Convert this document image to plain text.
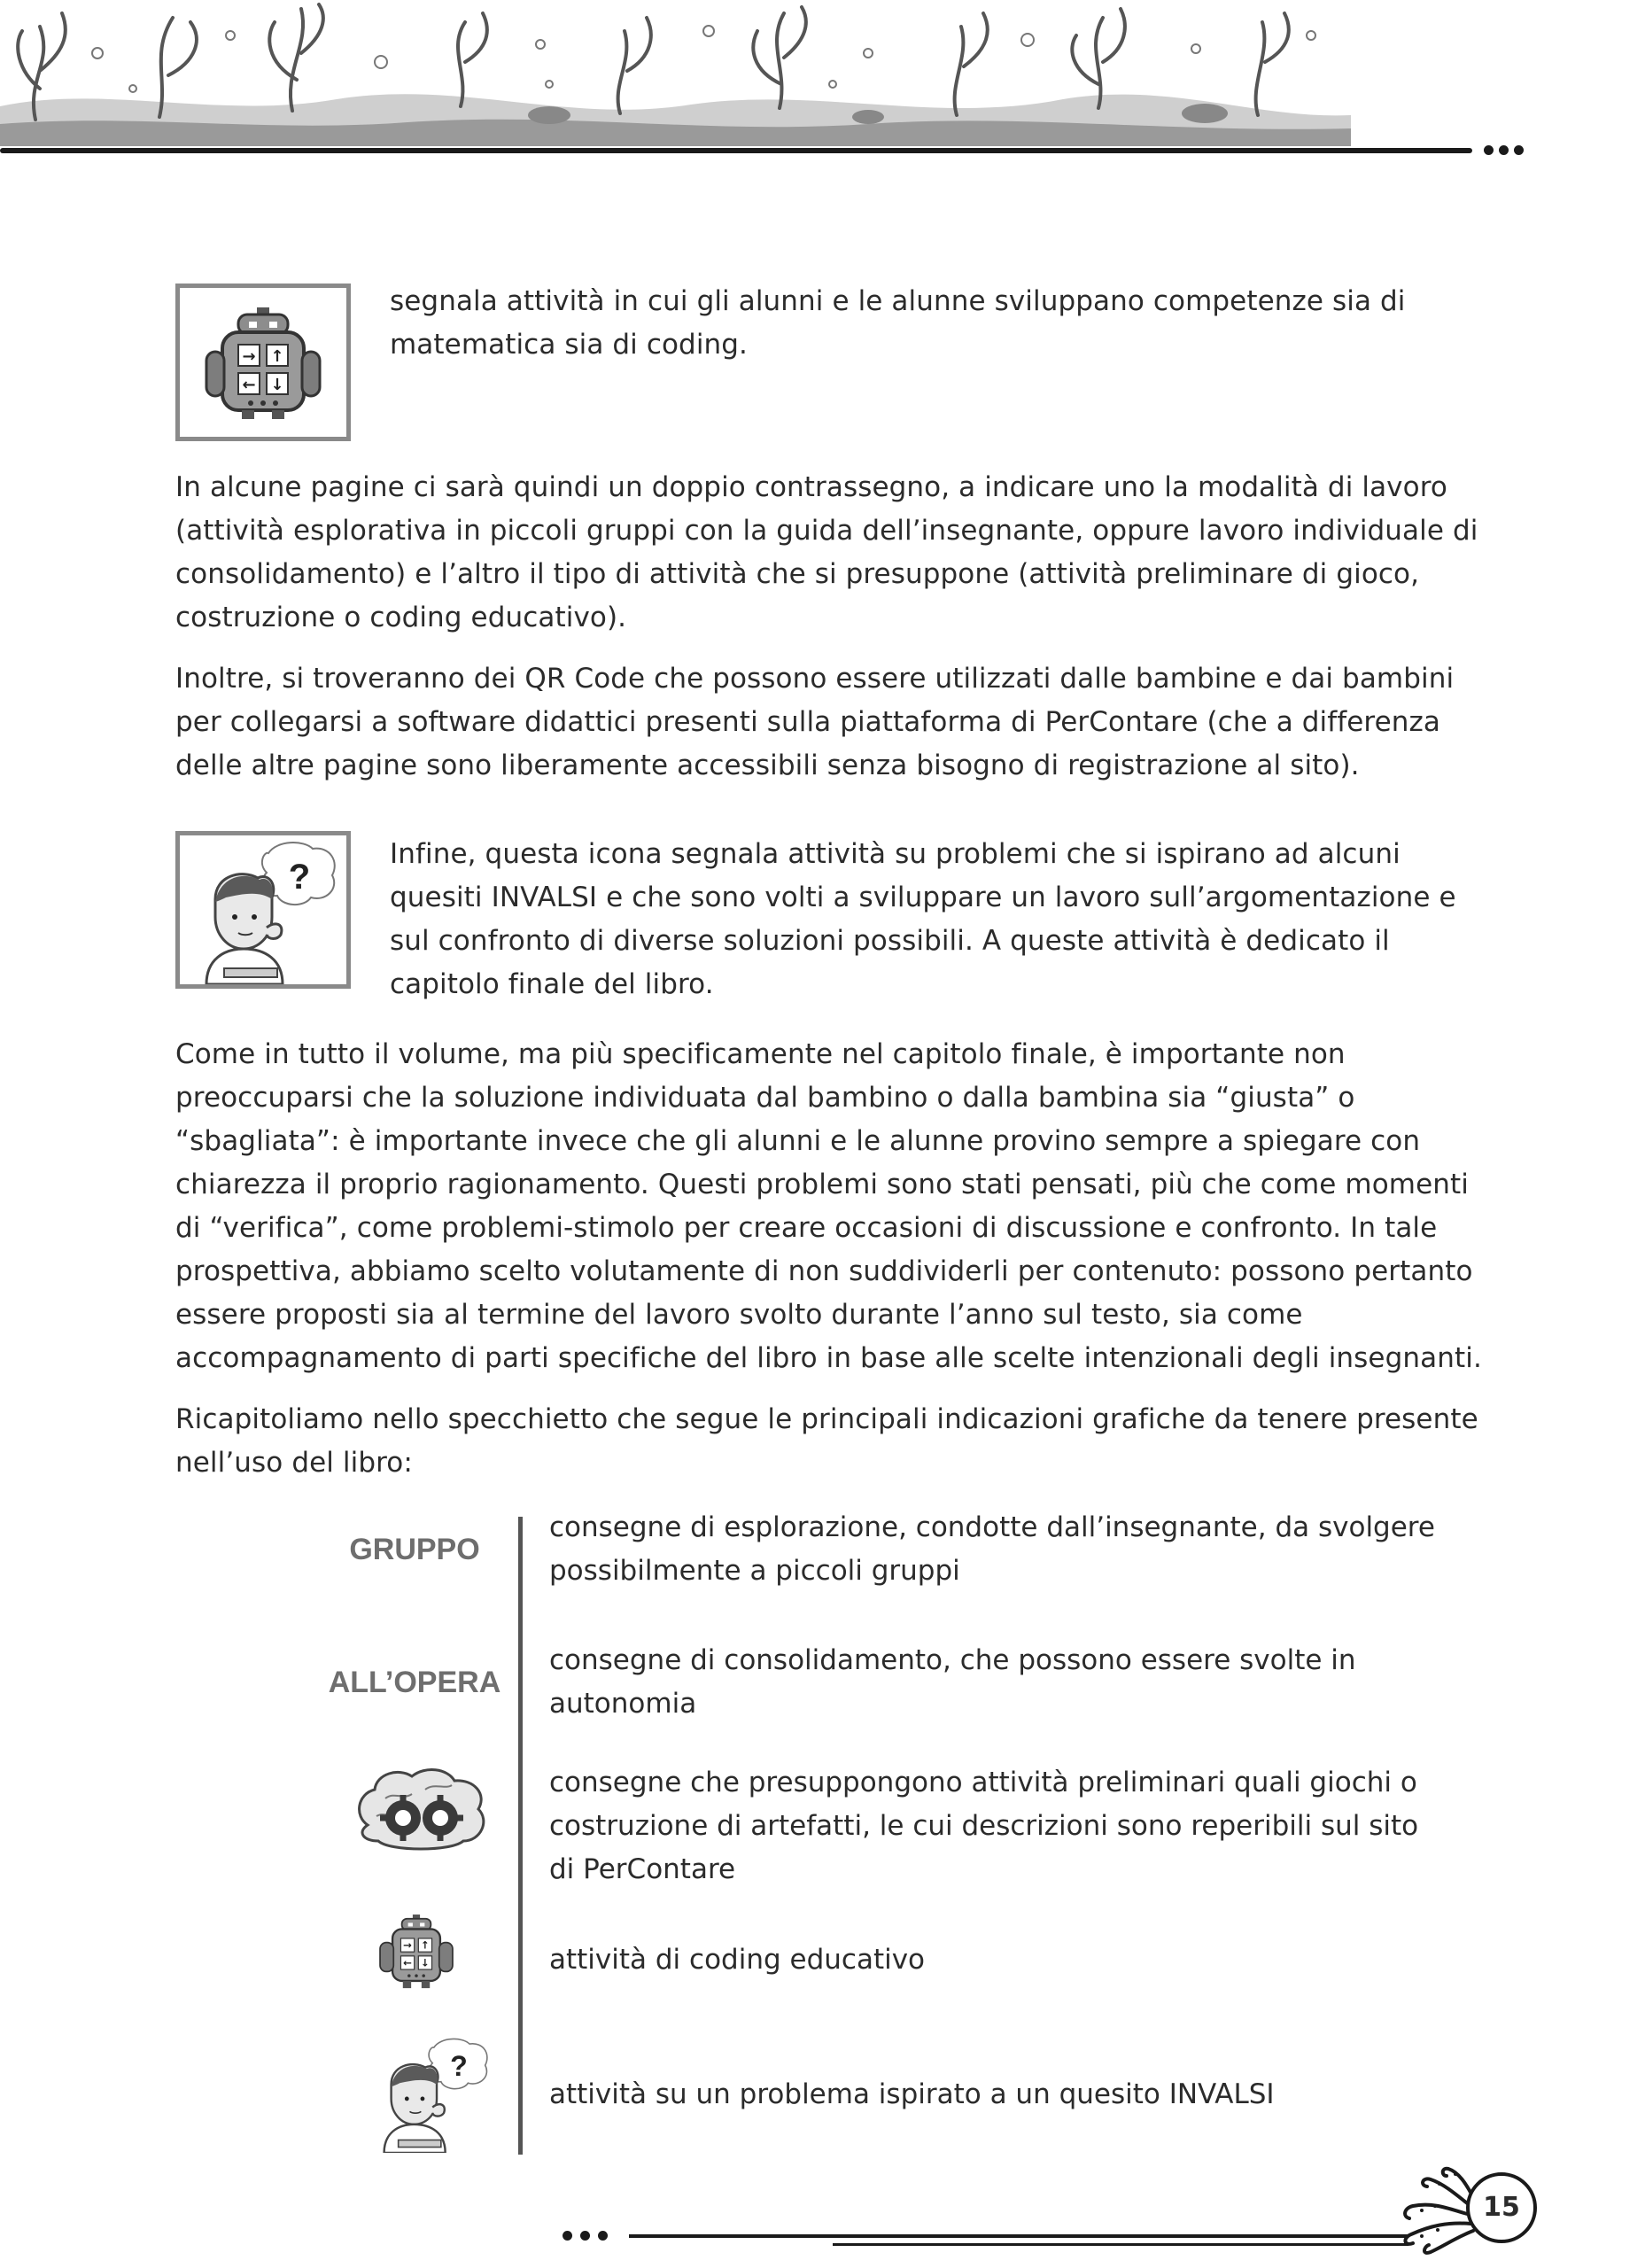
→ ↑
← ↓

segnala attività in cui gli alunni e le alunne sviluppano competenze sia di matematica sia di coding.

In alcune pagine ci sarà quindi un doppio contrassegno, a indicare uno la modalità di lavoro (attività esplorativa in piccoli gruppi con la guida dell’insegnante, oppure lavoro individuale di consolidamento) e l’altro il tipo di attività che si presuppone (attività preliminare di gioco, costruzione o coding educativo).

Inoltre, si troveranno dei QR Code che possono essere utilizzati dalle bambine e dai bambini per collegarsi a software didattici presenti sulla piattaforma di PerContare (che a differenza delle altre pagine sono liberamente accessibili senza bisogno di registrazione al sito).

?

Infine, questa icona segnala attività su problemi che si ispirano ad alcuni quesiti INVALSI e che sono volti a sviluppare un lavoro sull’argomentazione e sul confronto di diverse soluzioni possibili. A queste attività è dedicato il capitolo finale del libro.

Come in tutto il volume, ma più specificamente nel capitolo finale, è importante non preoccuparsi che la soluzione individuata dal bambino o dalla bambina sia “giusta” o “sbagliata”: è importante invece che gli alunni e le alunne provino sempre a spiegare con chiarezza il proprio ragionamento. Questi problemi sono stati pensati, più che come momenti di “verifica”, come problemi-stimolo per creare occasioni di discussione e confronto. In tale prospettiva, abbiamo scelto volutamente di non suddividerli per contenuto: possono pertanto essere proposti sia al termine del lavoro svolto durante l’anno sul testo, sia come accompagnamento di parti specifiche del libro in base alle scelte intenzionali degli insegnanti.

Ricapitoliamo nello specchietto che segue le principali indicazioni grafiche da tenere presente nell’uso del libro:

GRUPPO

consegne di esplorazione, condotte dall’insegnante, da svolgere possibilmente a piccoli gruppi

ALL’OPERA

consegne di consolidamento, che possono essere svolte in autonomia

consegne che presuppongono attività preliminari quali giochi o costruzione di artefatti, le cui descrizioni sono reperibili sul sito di PerContare

→ ↑
← ↓	attività di coding educativo

?

attività su un problema ispirato a un quesito INVALSI

15
